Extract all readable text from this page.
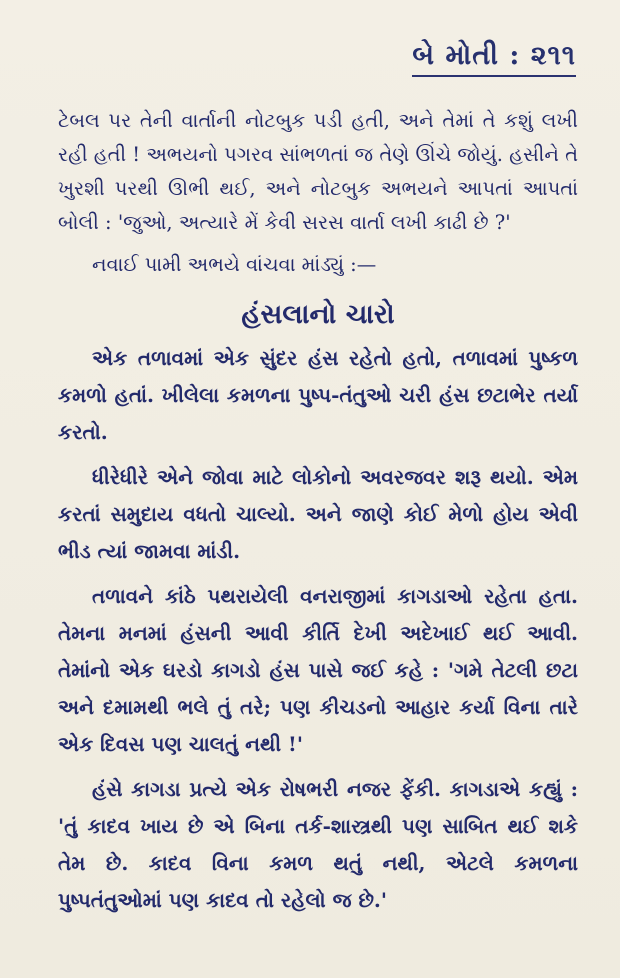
બે મોતી : ૨૧૧

ટેબલ પર તેની વાર્તાની નોટબુક પડી હતી, અને તેમાં તે કશું લખી રહી હતી ! અભયનો પગરવ સાંભળતાં જ તેણે ઊંચે જોયું. હસીને તે ખુરશી પરથી ઊભી થઈ, અને નોટબુક અભયને આપતાં આપતાં બોલી : 'જુઓ, અત્યારે મેં કેવી સરસ વાર્તા લખી કાઢી છે ?'

નવાઈ પામી અભયે વાંચવા માંડ્યું :—

હંસલાનો ચારો

એક તળાવમાં એક સુંદર હંસ રહેતો હતો, તળાવમાં પુષ્કળ કમળો હતાં. ખીલેલા કમળના પુષ્પ-તંતુઓ ચરી હંસ છટાભેર તર્યા કરતો.

ધીરેધીરે એને જોવા માટે લોકોનો અવરજવર શરૂ થયો. એમ કરતાં સમુદાય વધતો ચાલ્યો. અને જાણે કોઈ મેળો હોય એવી ભીડ ત્યાં જામવા માંડી.

તળાવને કાંઠે પથરાયેલી વનરાજીમાં કાગડાઓ રહેતા હતા. તેમના મનમાં હંસની આવી કીર્તિ દેખી અદેખાઈ થઈ આવી. તેમાંનો એક ઘરડો કાગડો હંસ પાસે જઈ કહે : 'ગમે તેટલી છટા અને દમામથી ભલે તું તરે; પણ કીચડનો આહાર કર્યા વિના તારે એક દિવસ પણ ચાલતું નથી !'

હંસે કાગડા પ્રત્યે એક રોષભરી નજર ફેંકી. કાગડાએ કહ્યું : 'તું કાદવ ખાય છે એ બિના તર્ક-શાસ્ત્રથી પણ સાબિત થઈ શકે તેમ છે. કાદવ વિના કમળ થતું નથી, એટલે કમળના પુષ્પતંતુઓમાં પણ કાદવ તો રહેલો જ છે.'
